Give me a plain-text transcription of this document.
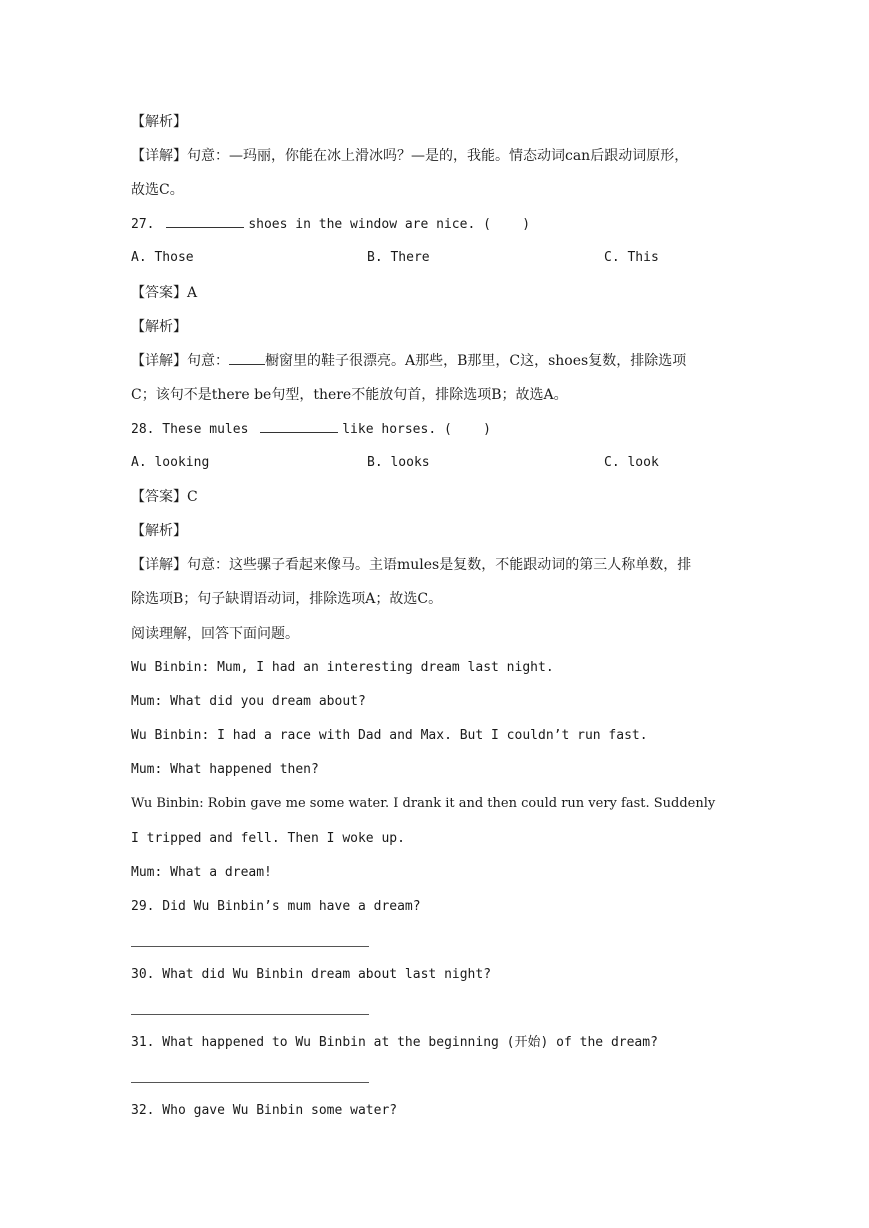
【解析】
【详解】句意：—玛丽，你能在冰上滑冰吗？—是的，我能。情态动词can后跟动词原形，
故选C。
27.	shoes in the window are nice. (    )
A. Those	B. There	C. This
【答案】A
【解析】
【详解】句意：	橱窗里的鞋子很漂亮。A那些，B那里，C这，shoes复数，排除选项
C；该句不是there be句型，there不能放句首，排除选项B；故选A。
28. These mules	like horses. (    )
A. looking	B. looks	C. look
【答案】C
【解析】
【详解】句意：这些骡子看起来像马。主语mules是复数，不能跟动词的第三人称单数，排
除选项B；句子缺谓语动词，排除选项A；故选C。
阅读理解，回答下面问题。
Wu Binbin: Mum, I had an interesting dream last night.
Mum: What did you dream about?
Wu Binbin: I had a race with Dad and Max. But I couldn’t run fast.
Mum: What happened then?
Wu Binbin: Robin gave me some water. I drank it and then could run very fast. Suddenly
I tripped and fell. Then I woke up.
Mum: What a dream!
29. Did Wu Binbin’s mum have a dream?
30. What did Wu Binbin dream about last night?
31. What happened to Wu Binbin at the beginning (开始) of the dream?
32. Who gave Wu Binbin some water?
